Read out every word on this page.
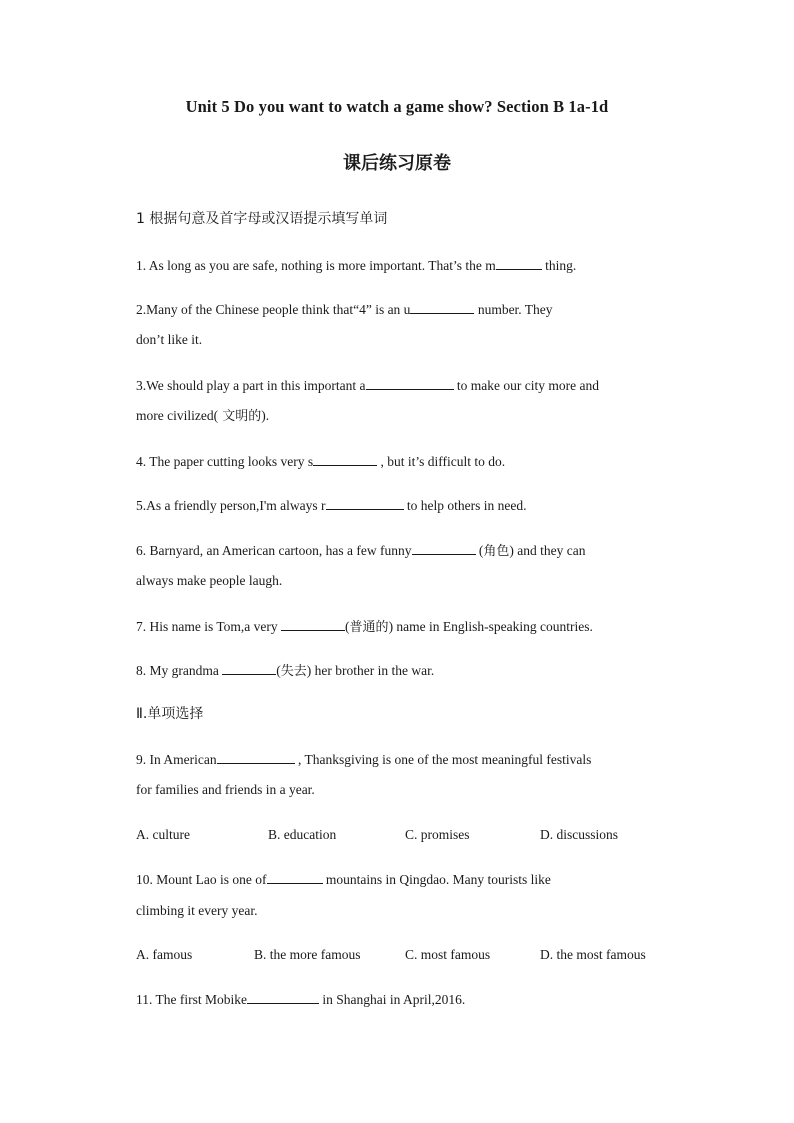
Unit 5 Do you want to watch a game show? Section B 1a-1d
课后练习原卷
1 根据句意及首字母或汉语提示填写单词
1. As long as you are safe, nothing is more important. That’s the m	thing.
2.Many of the Chinese people think that“4” is an u	number. They
don’t like it.
3.We should play a part in this important a	to make our city more and
more civilized( 文明的).
4. The paper cutting looks very s	, but it’s difficult to do.
5.As a friendly person,I'm always r	to help others in need.
6. Barnyard, an American cartoon, has a few funny	(角色) and they can
always make people laugh.
7. His name is Tom,a very	(普通的) name in English-speaking countries.
8. My grandma	(失去) her brother in the war.
Ⅱ.单项选择
9. In American	, Thanksgiving is one of the most meaningful festivals
for families and friends in a year.
A. culture	B. education	C. promises	D. discussions
10. Mount Lao is one of	mountains in Qingdao. Many tourists like
climbing it every year.
A. famous	B. the more famous	C. most famous	D. the most famous
11. The first Mobike	in Shanghai in April,2016.
